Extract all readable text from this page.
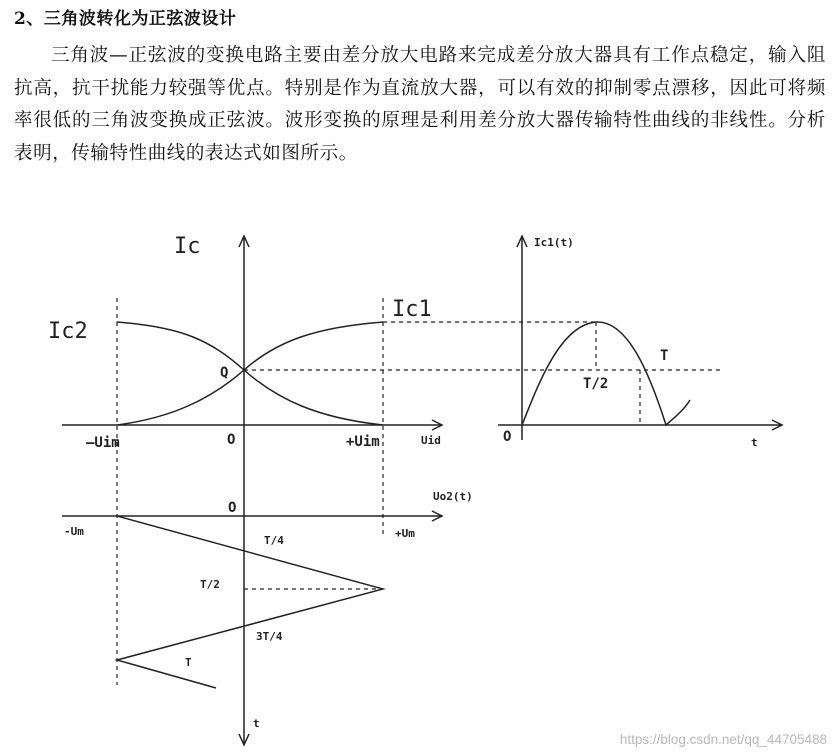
2、三角波转化为正弦波设计
三角波—正弦波的变换电路主要由差分放大电路来完成差分放大器具有工作点稳定，输入阻抗高，抗干扰能力较强等优点。特别是作为直流放大器，可以有效的抑制零点漂移，因此可将频率很低的三角波变换成正弦波。波形变换的原理是利用差分放大器传输特性曲线的非线性。分析表明，传输特性曲线的表达式如图所示。
Ic
Ic1
Ic2
Q
—Uim	O	+Uim	Uid
Ic1(t)
T
T/2
O	t
Uo2(t)
O
-Um	+Um
T/4
T/2
3T/4
T
t
https://blog.csdn.net/qq_44705488
